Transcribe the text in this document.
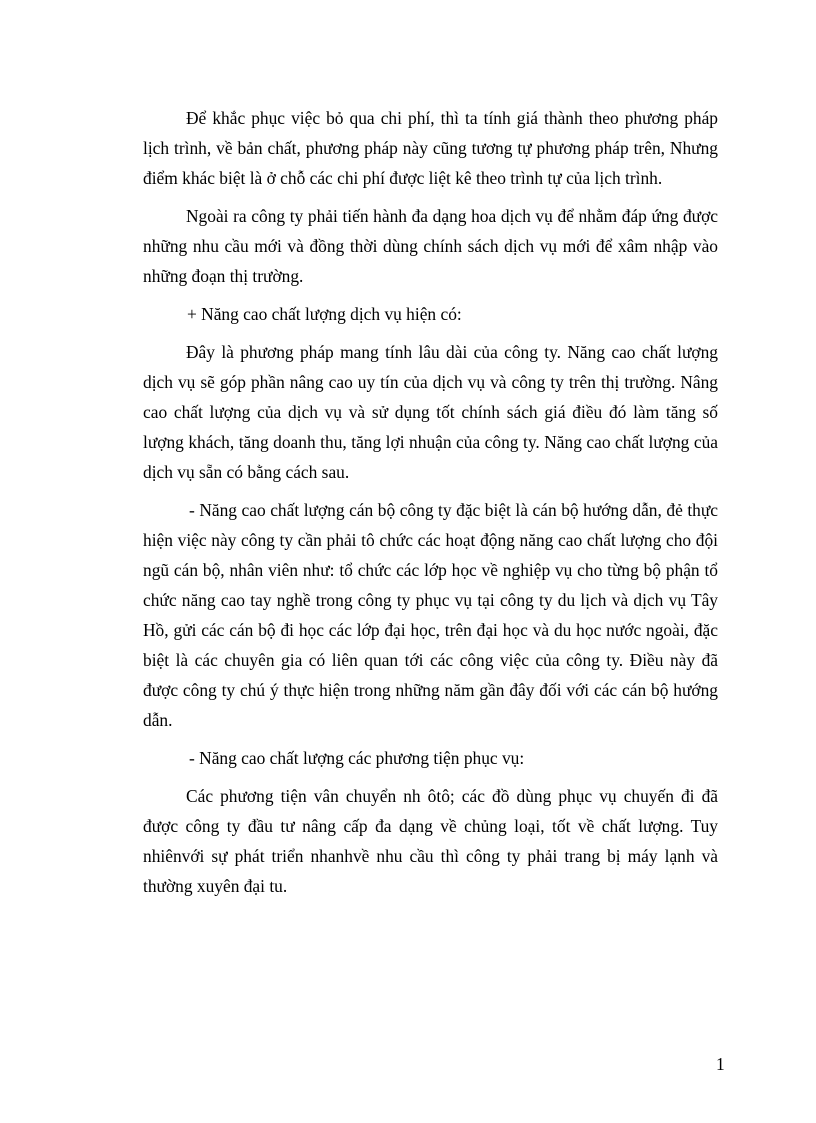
Để khắc phục việc bỏ qua chi phí, thì ta tính giá thành theo phương pháp lịch trình, về bản chất, phương pháp này cũng tương tự phương pháp trên, Nhưng điểm khác biệt là ở chỗ các chi phí được liệt kê theo trình tự của lịch trình.

Ngoài ra công ty phải tiến hành đa dạng hoa dịch vụ để nhằm đáp ứng được những nhu cầu mới và đồng thời dùng chính sách dịch vụ mới để xâm nhập vào những đoạn thị trường.

+ Năng cao chất lượng dịch vụ hiện có:

Đây là phương pháp mang tính lâu dài của công ty. Năng cao chất lượng dịch vụ sẽ góp phần nâng cao uy tín của dịch vụ và công ty trên thị trường. Nâng cao chất lượng của dịch vụ và sử dụng tốt chính sách giá điều đó làm tăng số lượng khách, tăng doanh thu, tăng lợi nhuận của công ty. Năng cao chất lượng của dịch vụ sẵn có bằng cách sau.

- Năng cao chất lượng cán bộ công ty đặc biệt là cán bộ hướng dẫn, đẻ thực hiện việc này công ty cần phải tô chức các hoạt động năng cao chất lượng cho đội ngũ cán bộ, nhân viên như: tổ chức các lớp học về nghiệp vụ cho từng bộ phận tổ chức năng cao tay nghề trong công ty phục vụ tại công ty du lịch và dịch vụ Tây Hồ, gửi các cán bộ đi học các lớp đại học, trên đại học và du học nước ngoài, đặc biệt là các chuyên gia có liên quan tới các công việc của công ty. Điều này đã được công ty chú ý thực hiện trong những năm gần đây đối với các cán bộ hướng dẫn.

- Năng cao chất lượng các phương tiện phục vụ:

Các phương tiện vân chuyển nh ôtô; các đồ dùng phục vụ chuyến đi đã được công ty đầu tư nâng cấp đa dạng về chủng loại, tốt về chất lượng. Tuy nhiênvới sự phát triển nhanhvề nhu cầu thì công ty phải trang bị máy lạnh và thường xuyên đại tu.

1
